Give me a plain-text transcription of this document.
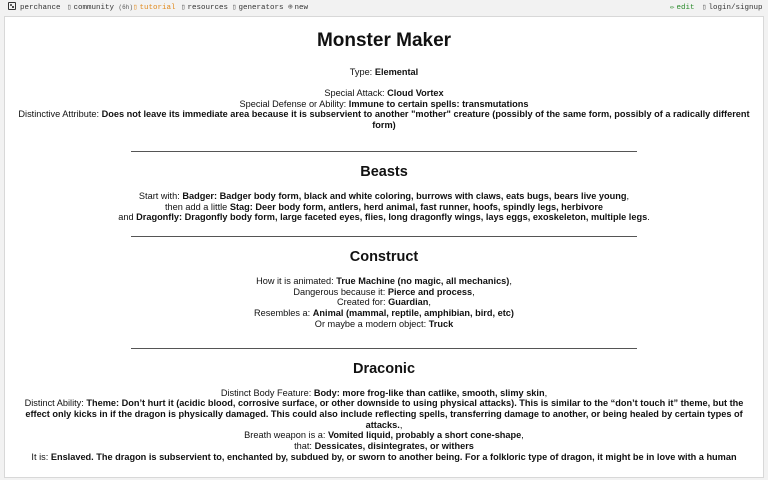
perchance ▯ community (6h) ▯ tutorial ▯ resources ▯ generators ⊕ new	✏ edit ▯ login/signup
Monster Maker
Type: Elemental
Special Attack: Cloud Vortex
Special Defense or Ability: Immune to certain spells: transmutations
Distinctive Attribute: Does not leave its immediate area because it is subservient to another "mother" creature (possibly of the same form, possibly of a radically different
form)
Beasts
Start with: Badger: Badger body form, black and white coloring, burrows with claws, eats bugs, bears live young,
then add a little Stag: Deer body form, antlers, herd animal, fast runner, hoofs, spindly legs, herbivore
and Dragonfly: Dragonfly body form, large faceted eyes, flies, long dragonfly wings, lays eggs, exoskeleton, multiple legs.
Construct
How it is animated: True Machine (no magic, all mechanics),
Dangerous because it: Pierce and process,
Created for: Guardian,
Resembles a: Animal (mammal, reptile, amphibian, bird, etc)
Or maybe a modern object: Truck
Draconic
Distinct Body Feature: Body: more frog-like than catlike, smooth, slimy skin,
Distinct Ability: Theme: Don’t hurt it (acidic blood, corrosive surface, or other downside to using physical attacks). This is similar to the “don’t touch it” theme, but the
effect only kicks in if the dragon is physically damaged. This could also include reflecting spells, transferring damage to another, or being healed by certain types of
attacks.,
Breath weapon is a: Vomited liquid, probably a short cone-shape,
that: Dessicates, disintegrates, or withers
It is: Enslaved. The dragon is subservient to, enchanted by, subdued by, or sworn to another being. For a folkloric type of dragon, it might be in love with a human
